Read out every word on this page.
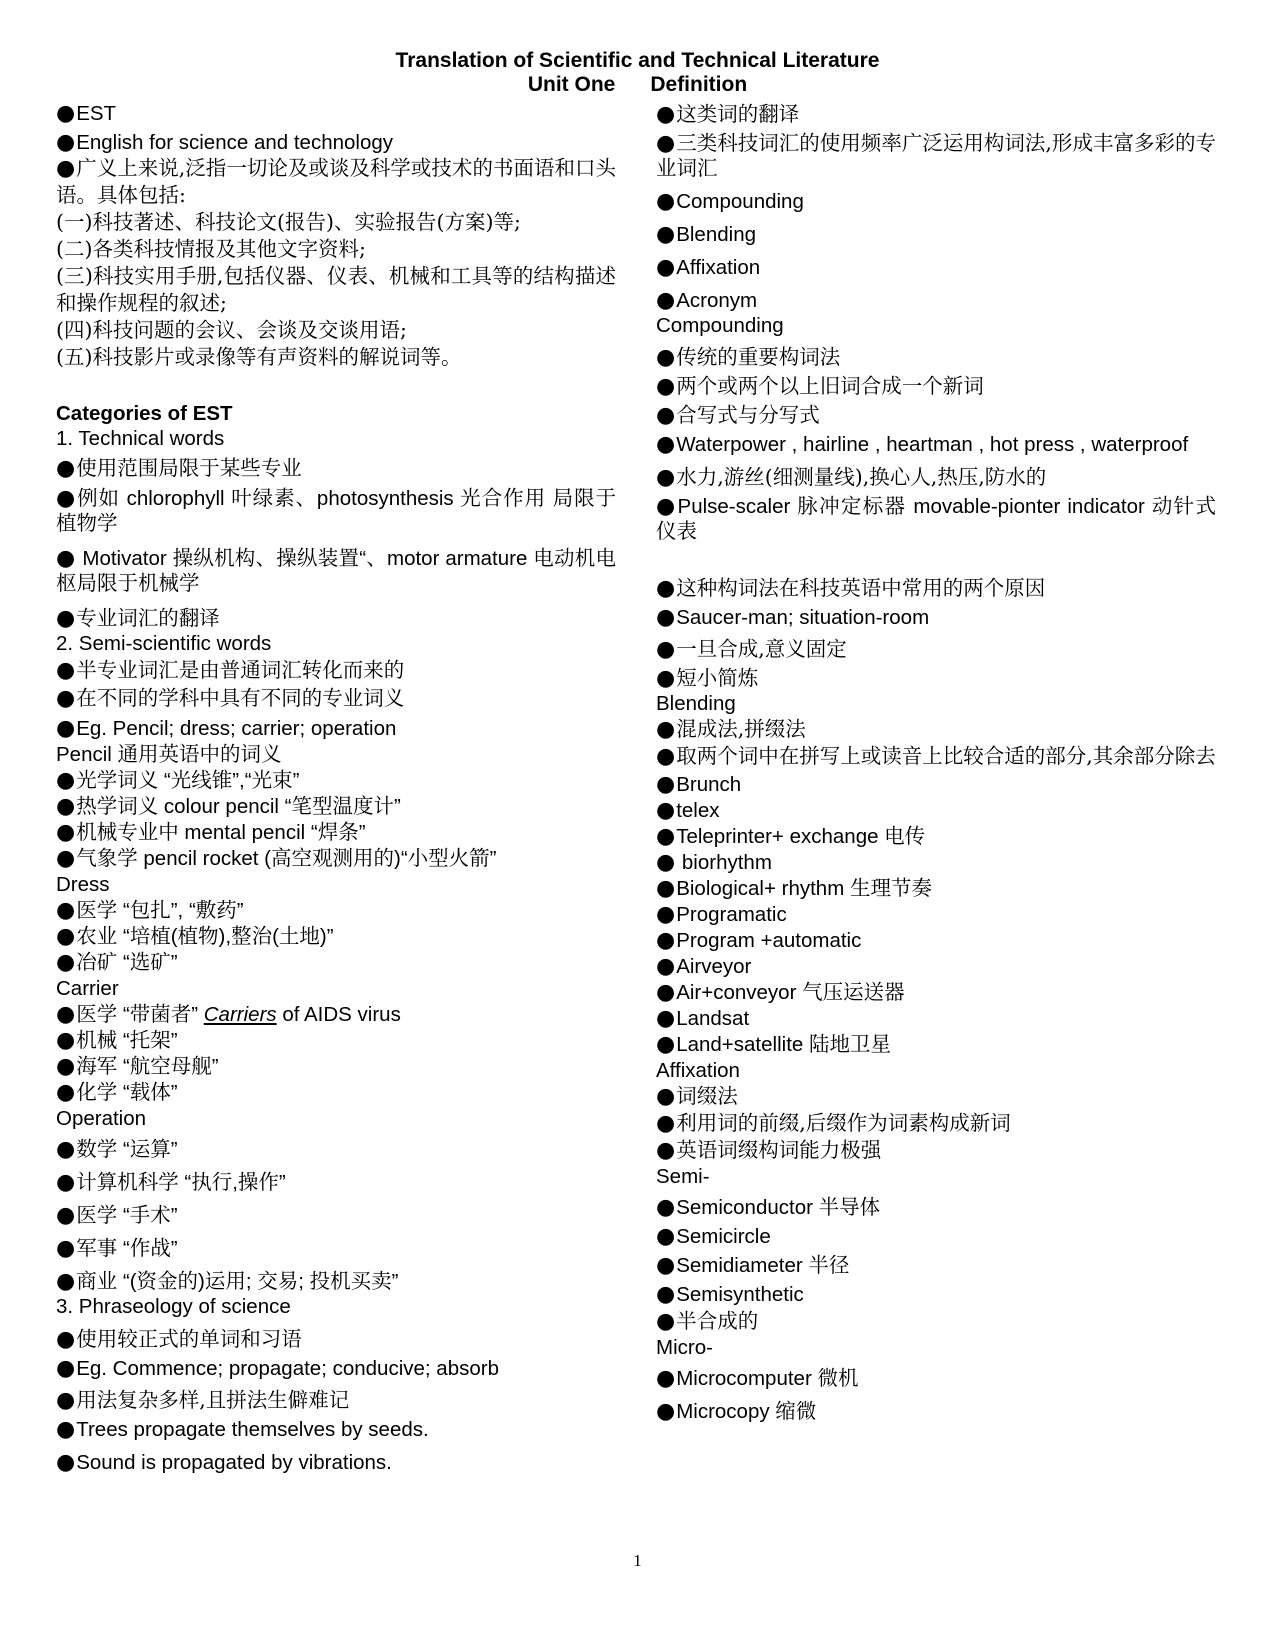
Translation of Scientific and Technical Literature
Unit One Definition
● EST
● English for science and technology
● 广义上来说,泛指一切论及或谈及科学或技术的书面语和口头语。具体包括:
(一)科技著述、科技论文(报告)、实验报告(方案)等;
(二)各类科技情报及其他文字资料;
(三)科技实用手册,包括仪器、仪表、机械和工具等的结构描述和操作规程的叙述;
(四)科技问题的会议、会谈及交谈用语;
(五)科技影片或录像等有声资料的解说词等。
Categories of EST
1. Technical words
● 使用范围局限于某些专业
● 例如 chlorophyll 叶绿素、photosynthesis 光合作用 局限于植物学
● Motivator 操纵机构、操纵装置“、motor armature 电动机电枢局限于机械学
● 专业词汇的翻译
2. Semi-scientific words
● 半专业词汇是由普通词汇转化而来的
● 在不同的学科中具有不同的专业词义
● Eg. Pencil; dress; carrier; operation
Pencil 通用英语中的词义
● 光学词义 “光线锥”,“光束”
● 热学词义 colour pencil “笔型温度计”
● 机械专业中 mental pencil “焊条”
● 气象学 pencil rocket (高空观测用的)“小型火箭”
Dress
● 医学 “包扎”, “敷药”
● 农业 “培植(植物),整治(土地)”
● 冶矿 “选矿”
Carrier
● 医学 “带菌者” Carriers of AIDS virus
● 机械 “托架”
● 海军 “航空母舰”
● 化学 “载体”
Operation
● 数学 “运算”
● 计算机科学 “执行,操作”
● 医学 “手术”
● 军事 “作战”
● 商业 “(资金的)运用; 交易; 投机买卖”
3. Phraseology of science
● 使用较正式的单词和习语
● Eg. Commence; propagate; conducive; absorb
● 用法复杂多样,且拼法生僻难记
● Trees propagate themselves by seeds.
● Sound is propagated by vibrations.
● 这类词的翻译
● 三类科技词汇的使用频率广泛运用构词法,形成丰富多彩的专业词汇
● Compounding
● Blending
● Affixation
● Acronym
Compounding
● 传统的重要构词法
● 两个或两个以上旧词合成一个新词
● 合写式与分写式
● Waterpower , hairline , heartman , hot press , waterproof
● 水力,游丝(细测量线),换心人,热压,防水的
● Pulse-scaler 脉冲定标器 movable-pionter indicator 动针式仪表
● 这种构词法在科技英语中常用的两个原因
● Saucer-man; situation-room
● 一旦合成,意义固定
● 短小简炼
Blending
● 混成法,拼缀法
● 取两个词中在拼写上或读音上比较合适的部分,其余部分除去
● Brunch
● telex
● Teleprinter+ exchange 电传
● biorhythm
● Biological+ rhythm 生理节奏
● Programatic
● Program +automatic
● Airveyor
● Air+conveyor 气压运送器
● Landsat
● Land+satellite 陆地卫星
Affixation
● 词缀法
● 利用词的前缀,后缀作为词素构成新词
● 英语词缀构词能力极强
Semi-
● Semiconductor 半导体
● Semicircle
● Semidiameter 半径
● Semisynthetic
● 半合成的
Micro-
● Microcomputer 微机
● Microcopy 缩微
1
